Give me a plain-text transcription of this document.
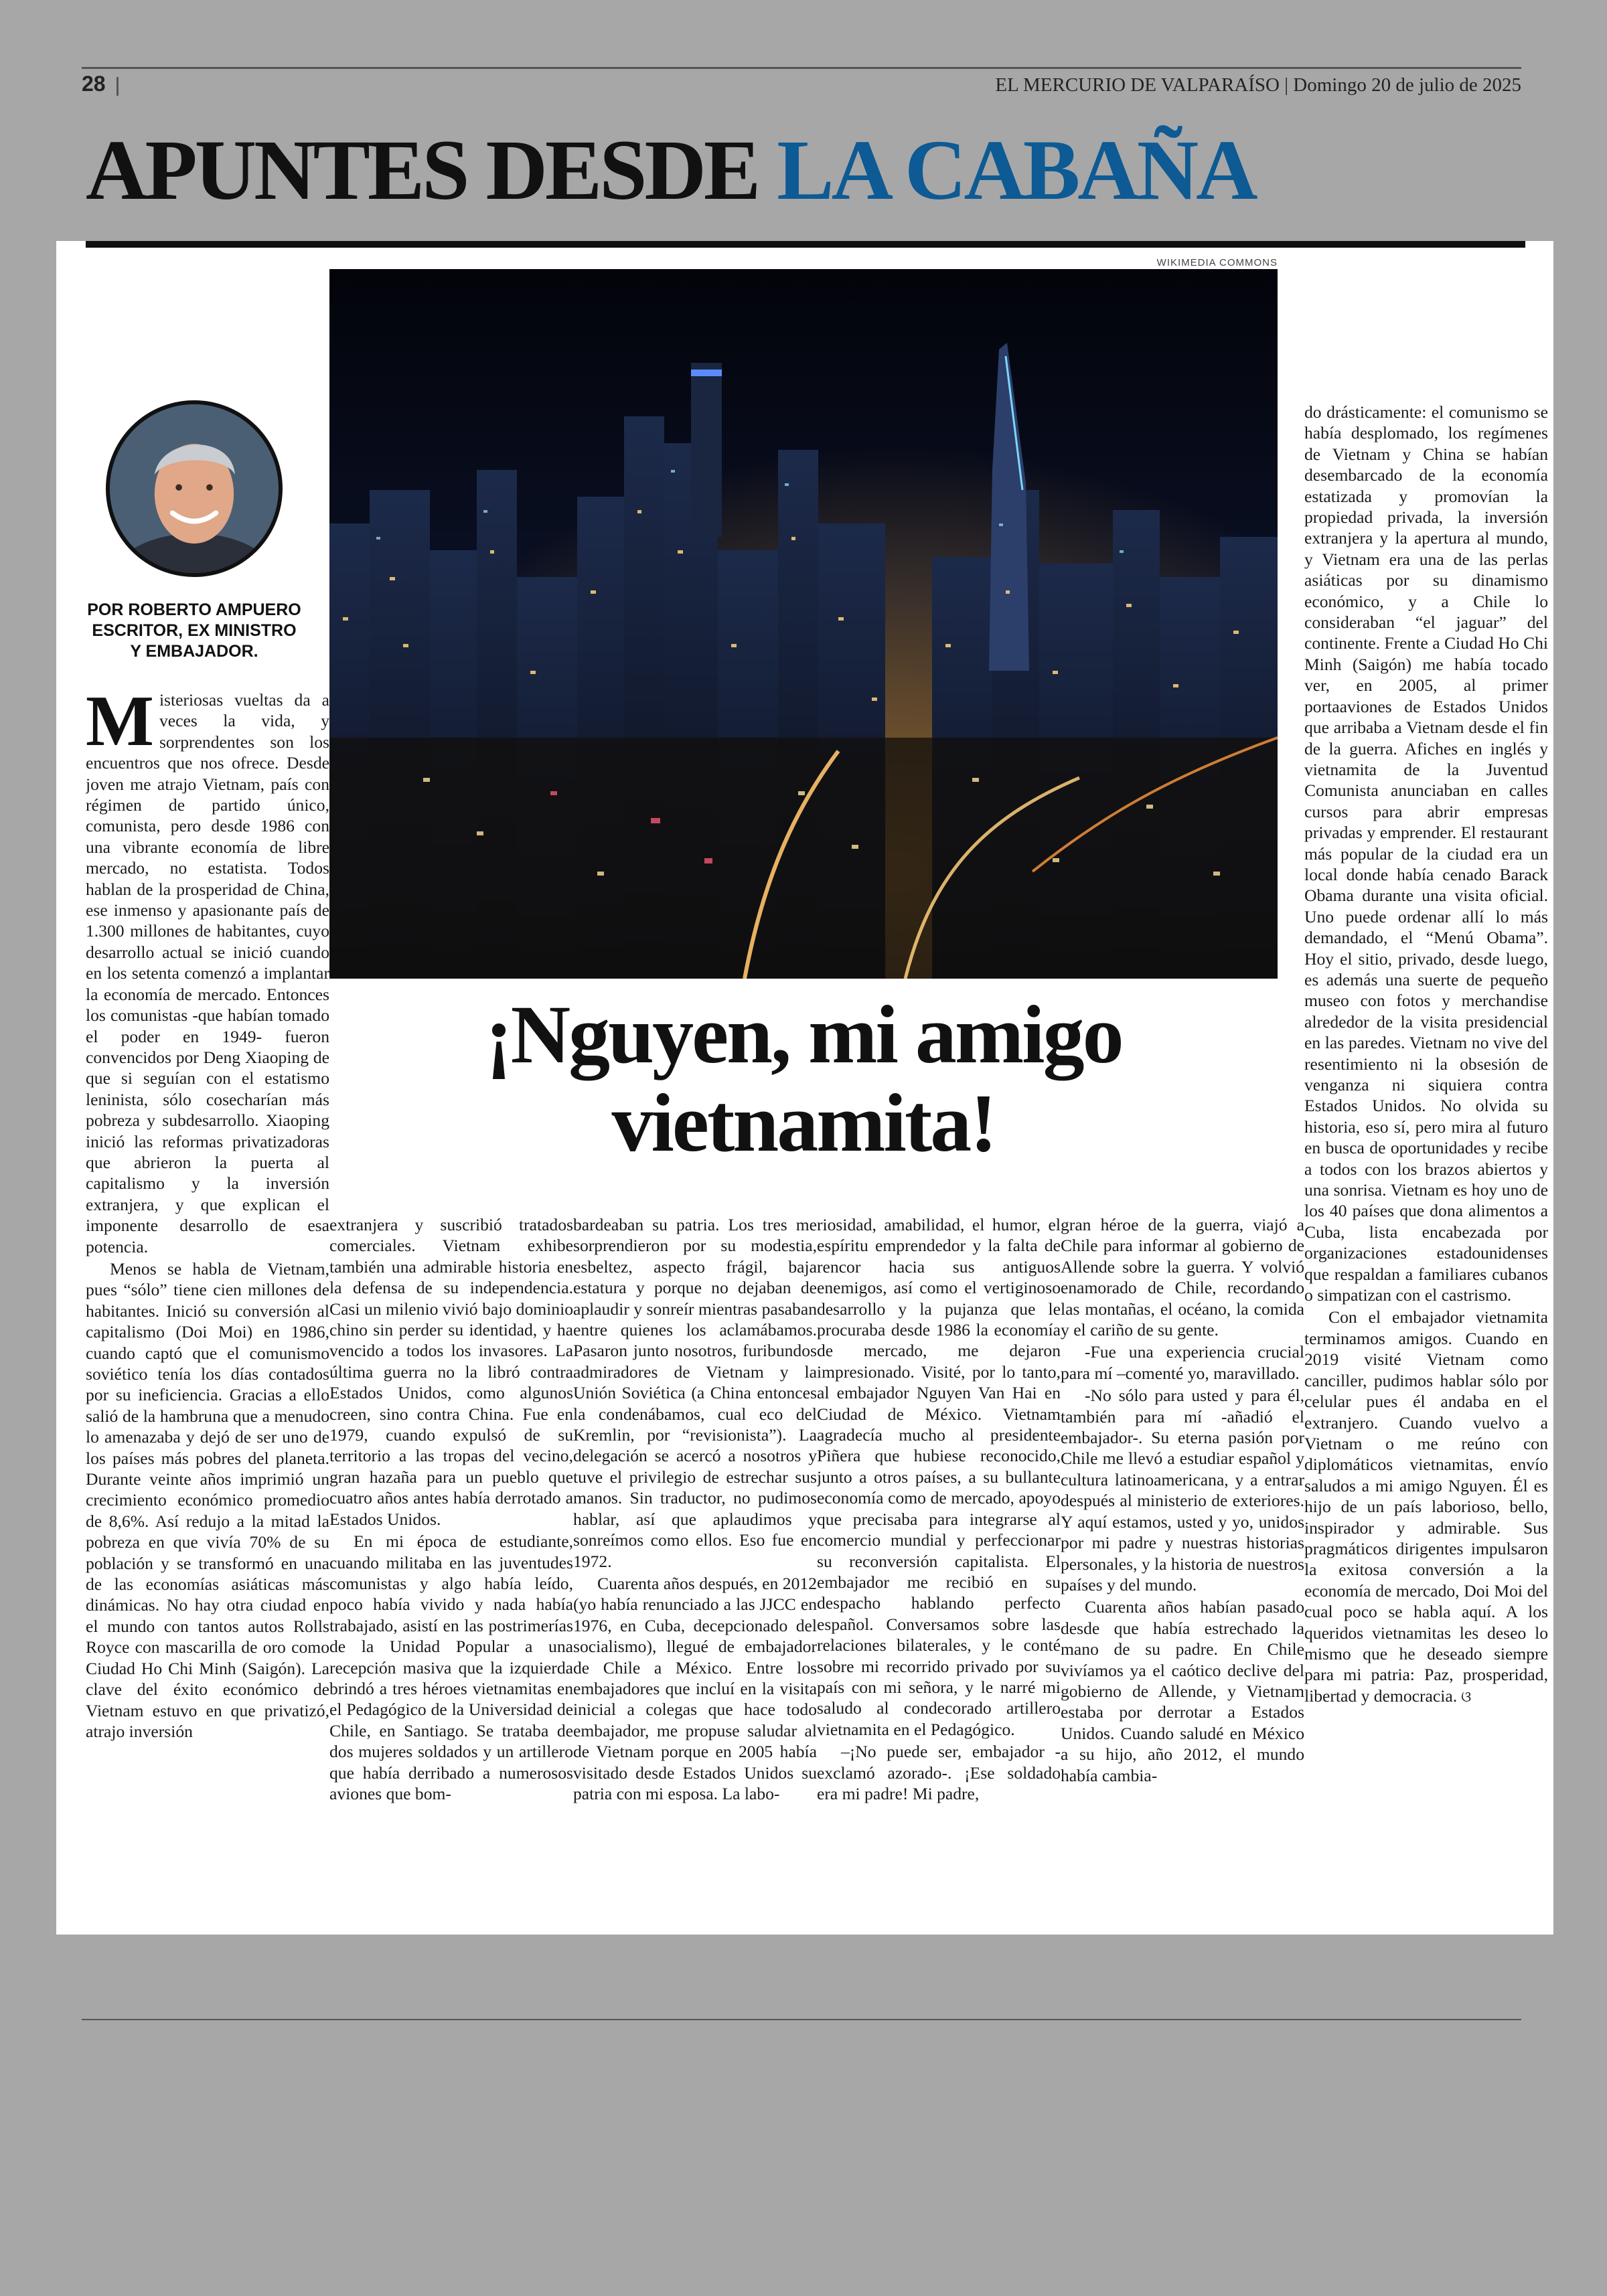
28	EL MERCURIO DE VALPARAÍSO | Domingo 20 de julio de 2025
APUNTES DESDE LA CABAÑA
WIKIMEDIA COMMONS
POR ROBERTO AMPUERO
ESCRITOR, EX MINISTRO
Y EMBAJADOR.
¡Nguyen, mi amigo
vietnamita!

Misteriosas vueltas da a veces la vida, y sorprendentes son los encuentros que nos ofrece. Desde joven me atrajo Vietnam, país con régimen de partido único, comunista, pero desde 1986 con una vibrante economía de libre mercado, no estatista. Todos hablan de la prosperidad de China, ese inmenso y apasionante país de 1.300 millones de habitantes, cuyo desarrollo actual se inició cuando en los setenta comenzó a implantar la economía de mercado. Entonces los comunistas -que habían tomado el poder en 1949- fueron convencidos por Deng Xiaoping de que si seguían con el estatismo leninista, sólo cosecharían más pobreza y subdesarrollo. Xiaoping inició las reformas privatizadoras que abrieron la puerta al capitalismo y la inversión extranjera, y que explican el imponente desarrollo de esa potencia.

Menos se habla de Vietnam, pues “sólo” tiene cien millones de habitantes. Inició su conversión al capitalismo (Doi Moi) en 1986, cuando captó que el comunismo soviético tenía los días contados por su ineficiencia. Gracias a ello salió de la hambruna que a menudo lo amenazaba y dejó de ser uno de los países más pobres del planeta. Durante veinte años imprimió un crecimiento económico promedio de 8,6%. Así redujo a la mitad la pobreza en que vivía 70% de su población y se transformó en una de las economías asiáticas más dinámicas. No hay otra ciudad en el mundo con tantos autos Rolls Royce con mascarilla de oro como Ciudad Ho Chi Minh (Saigón). La clave del éxito económico de Vietnam estuvo en que privatizó, atrajo inversión

extranjera y suscribió tratados comerciales. Vietnam exhibe también una admirable historia en la defensa de su independencia. Casi un milenio vivió bajo dominio chino sin perder su identidad, y ha vencido a todos los invasores. La última guerra no la libró contra Estados Unidos, como algunos creen, sino contra China. Fue en 1979, cuando expulsó de su territorio a las tropas del vecino, gran hazaña para un pueblo que cuatro años antes había derrotado a Estados Unidos.

En mi época de estudiante, cuando militaba en las juventudes comunistas y algo había leído, poco había vivido y nada había trabajado, asistí en las postrimerías de la Unidad Popular a una recepción masiva que la izquierda brindó a tres héroes vietnamitas en el Pedagógico de la Universidad de Chile, en Santiago. Se trataba de dos mujeres soldados y un artillero que había derribado a numerosos aviones que bom-

bardeaban su patria. Los tres me sorprendieron por su modestia, esbeltez, aspecto frágil, baja estatura y porque no dejaban de aplaudir y sonreír mientras pasaban entre quienes los aclamábamos. Pasaron junto nosotros, furibundos admiradores de Vietnam y la Unión Soviética (a China entonces la condenábamos, cual eco del Kremlin, por “revisionista”). La delegación se acercó a nosotros y tuve el privilegio de estrechar sus manos. Sin traductor, no pudimos hablar, así que aplaudimos y sonreímos como ellos. Eso fue en 1972.

Cuarenta años después, en 2012 (yo había renunciado a las JJCC en 1976, en Cuba, decepcionado del socialismo), llegué de embajador de Chile a México. Entre los embajadores que incluí en la visita inicial a colegas que hace todo embajador, me propuse saludar al de Vietnam porque en 2005 había visitado desde Estados Unidos su patria con mi esposa. La labo-

riosidad, amabilidad, el humor, el espíritu emprendedor y la falta de rencor hacia sus antiguos enemigos, así como el vertiginoso desarrollo y la pujanza que le procuraba desde 1986 la economía de mercado, me dejaron impresionado. Visité, por lo tanto, al embajador Nguyen Van Hai en Ciudad de México. Vietnam agradecía mucho al presidente Piñera que hubiese reconocido, junto a otros países, a su bullante economía como de mercado, apoyo que precisaba para integrarse al comercio mundial y perfeccionar su reconversión capitalista. El embajador me recibió en su despacho hablando perfecto español. Conversamos sobre las relaciones bilaterales, y le conté sobre mi recorrido privado por su país con mi señora, y le narré mi saludo al condecorado artillero vietnamita en el Pedagógico.

–¡No puede ser, embajador -exclamó azorado-. ¡Ese soldado era mi padre! Mi padre,

gran héroe de la guerra, viajó a Chile para informar al gobierno de Allende sobre la guerra. Y volvió enamorado de Chile, recordando las montañas, el océano, la comida y el cariño de su gente.

-Fue una experiencia crucial para mí –comenté yo, maravillado.

-No sólo para usted y para él, también para mí -añadió el embajador-. Su eterna pasión por Chile me llevó a estudiar español y cultura latinoamericana, y a entrar después al ministerio de exteriores. Y aquí estamos, usted y yo, unidos por mi padre y nuestras historias personales, y la historia de nuestros países y del mundo.

Cuarenta años habían pasado desde que había estrechado la mano de su padre. En Chile vivíamos ya el caótico declive del gobierno de Allende, y Vietnam estaba por derrotar a Estados Unidos. Cuando saludé en México a su hijo, año 2012, el mundo había cambia-

do drásticamente: el comunismo se había desplomado, los regímenes de Vietnam y China se habían desembarcado de la economía estatizada y promovían la propiedad privada, la inversión extranjera y la apertura al mundo, y Vietnam era una de las perlas asiáticas por su dinamismo económico, y a Chile lo consideraban “el jaguar” del continente. Frente a Ciudad Ho Chi Minh (Saigón) me había tocado ver, en 2005, al primer portaaviones de Estados Unidos que arribaba a Vietnam desde el fin de la guerra. Afiches en inglés y vietnamita de la Juventud Comunista anunciaban en calles cursos para abrir empresas privadas y emprender. El restaurant más popular de la ciudad era un local donde había cenado Barack Obama durante una visita oficial. Uno puede ordenar allí lo más demandado, el “Menú Obama”. Hoy el sitio, privado, desde luego, es además una suerte de pequeño museo con fotos y merchandise alrededor de la visita presidencial en las paredes. Vietnam no vive del resentimiento ni la obsesión de venganza ni siquiera contra Estados Unidos. No olvida su historia, eso sí, pero mira al futuro en busca de oportunidades y recibe a todos con los brazos abiertos y una sonrisa. Vietnam es hoy uno de los 40 países que dona alimentos a Cuba, lista encabezada por organizaciones estadounidenses que respaldan a familiares cubanos o simpatizan con el castrismo.

Con el embajador vietnamita terminamos amigos. Cuando en 2019 visité Vietnam como canciller, pudimos hablar sólo por celular pues él andaba en el extranjero. Cuando vuelvo a Vietnam o me reúno con diplomáticos vietnamitas, envío saludos a mi amigo Nguyen. Él es hijo de un país laborioso, bello, inspirador y admirable. Sus pragmáticos dirigentes impulsaron la exitosa conversión a la economía de mercado, Doi Moi del cual poco se habla aquí. A los queridos vietnamitas les deseo lo mismo que he deseado siempre para mi patria: Paz, prosperidad, libertad y democracia. ଓ
